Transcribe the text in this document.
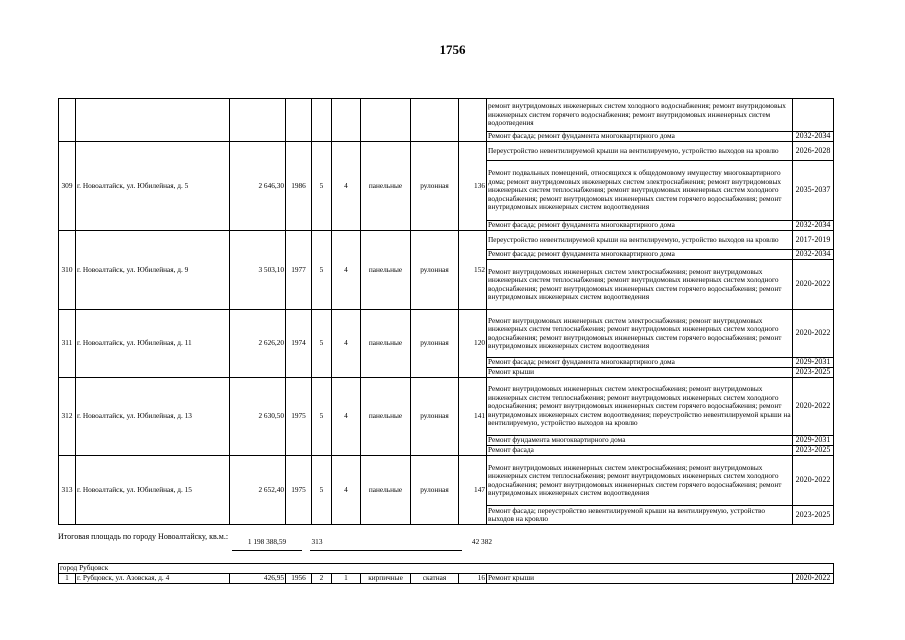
1756
									ремонт внутридомовых инженерных систем холодного водоснабжения; ремонт внутридомовых инженерных систем горячего водоснабжения; ремонт внутридомовых инженерных систем водоотведения	
									Ремонт фасада; ремонт фундамента многоквартирного дома	2032-2034
309	г. Новоалтайск, ул. Юбилейная, д. 5	2 646,30	1986	5	4	панельные	рулонная	136	Переустройство невентилируемой крыши на вентилируемую, устройство выходов на кровлю	2026-2028
									Ремонт подвальных помещений, относящихся к общедомовому имуществу многоквартирного дома; ремонт внутридомовых инженерных систем электроснабжения; ремонт внутридомовых инженерных систем теплоснабжения; ремонт внутридомовых инженерных систем холодного водоснабжения; ремонт внутридомовых инженерных систем горячего водоснабжения; ремонт внутридомовых инженерных систем водоотведения	2035-2037
									Ремонт фасада; ремонт фундамента многоквартирного дома	2032-2034
310	г. Новоалтайск, ул. Юбилейная, д. 9	3 503,10	1977	5	4	панельные	рулонная	152	Переустройство невентилируемой крыши на вентилируемую, устройство выходов на кровлю	2017-2019
									Ремонт фасада; ремонт фундамента многоквартирного дома	2032-2034
									Ремонт внутридомовых инженерных систем электроснабжения; ремонт внутридомовых инженерных систем теплоснабжения; ремонт внутридомовых инженерных систем холодного водоснабжения; ремонт внутридомовых инженерных систем горячего водоснабжения; ремонт внутридомовых инженерных систем водоотведения	2020-2022
311	г. Новоалтайск, ул. Юбилейная, д. 11	2 626,20	1974	5	4	панельные	рулонная	120	Ремонт внутридомовых инженерных систем электроснабжения; ремонт внутридомовых инженерных систем теплоснабжения; ремонт внутридомовых инженерных систем холодного водоснабжения; ремонт внутридомовых инженерных систем горячего водоснабжения; ремонт внутридомовых инженерных систем водоотведения	2020-2022
									Ремонт фасада; ремонт фундамента многоквартирного дома	2029-2031
									Ремонт крыши	2023-2025
312	г. Новоалтайск, ул. Юбилейная, д. 13	2 630,50	1975	5	4	панельные	рулонная	141	Ремонт внутридомовых инженерных систем электроснабжения; ремонт внутридомовых инженерных систем теплоснабжения; ремонт внутридомовых инженерных систем холодного водоснабжения; ремонт внутридомовых инженерных систем горячего водоснабжения; ремонт внутридомовых инженерных систем водоотведения; переустройство невентилируемой крыши на вентилируемую, устройство выходов на кровлю	2020-2022
									Ремонт фундамента многоквартирного дома	2029-2031
									Ремонт фасада	2023-2025
313	г. Новоалтайск, ул. Юбилейная, д. 15	2 652,40	1975	5	4	панельные	рулонная	147	Ремонт внутридомовых инженерных систем электроснабжения; ремонт внутридомовых инженерных систем теплоснабжения; ремонт внутридомовых инженерных систем холодного водоснабжения; ремонт внутридомовых инженерных систем горячего водоснабжения; ремонт внутридомовых инженерных систем водоотведения	2020-2022
									Ремонт фасада; переустройство невентилируемой крыши на вентилируемую, устройство выходов на кровлю	2023-2025
Итоговая площадь по городу Новоалтайску, кв.м.:
1 198 388,59	313	42 382
город Рубцовск
1	г. Рубцовск, ул. Азовская, д. 4	426,95	1956	2	1	кирпичные	скатная	16	Ремонт крыши	2020-2022
